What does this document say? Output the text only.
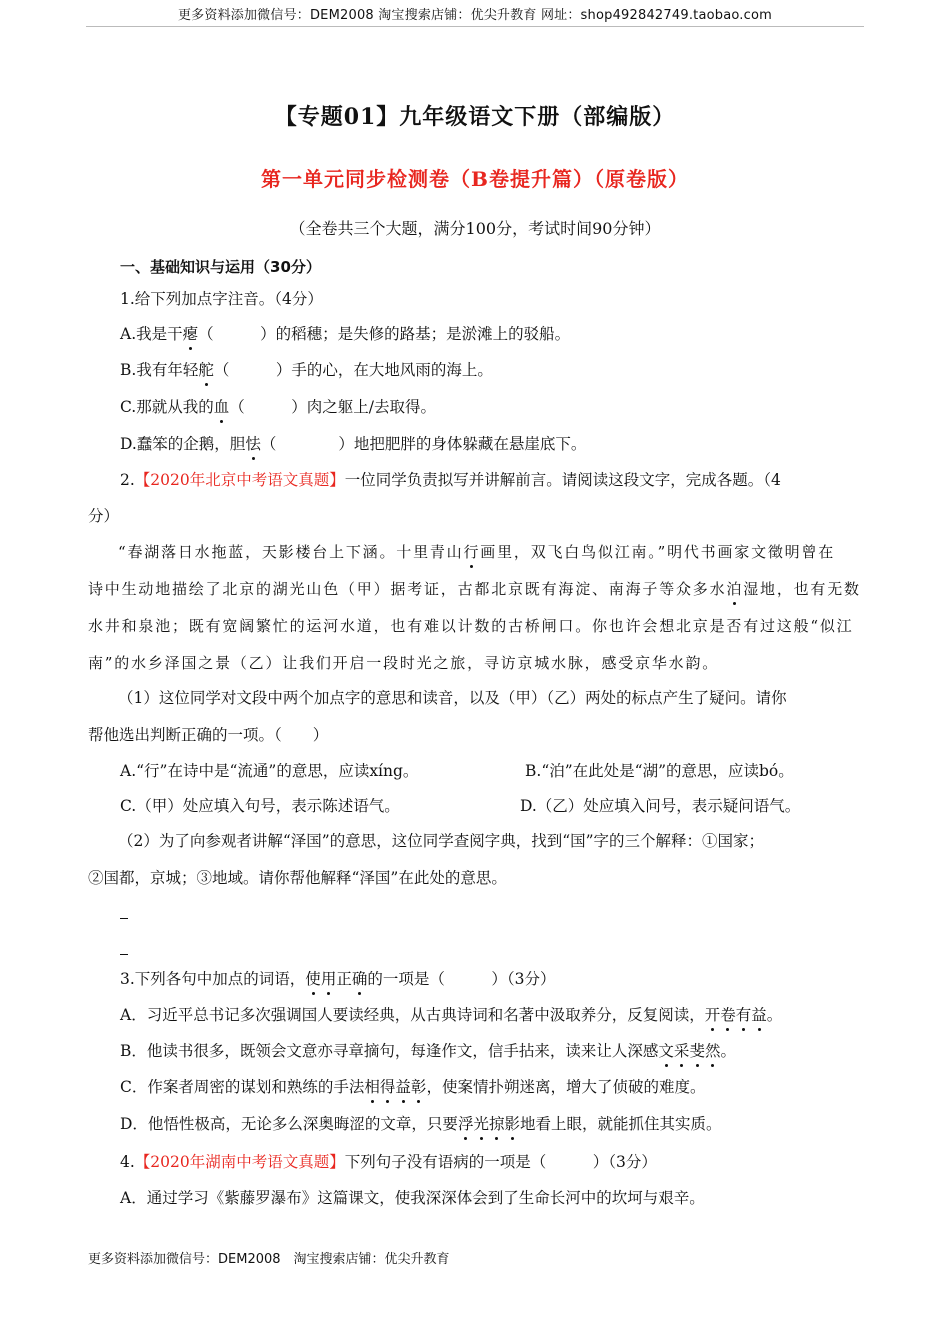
更多资料添加微信号：DEM2008 淘宝搜索店铺：优尖升教育 网址：shop492842749.taobao.com
【专题01】九年级语文下册（部编版）
第一单元同步检测卷（B卷提升篇）（原卷版）
（全卷共三个大题，满分100分，考试时间90分钟）
一、基础知识与运用（30分）
1.给下列加点字注音。（4分）
A.我是干瘪（　　　）的稻穗；是失修的路基；是淤滩上的驳船。
B.我有年轻舵（　　　）手的心，在大地风雨的海上。
C.那就从我的血（　　　）肉之躯上/去取得。
D.蠢笨的企鹅，胆怯（　　　　）地把肥胖的身体躲藏在悬崖底下。
2.【2020年北京中考语文真题】一位同学负责拟写并讲解前言。请阅读这段文字，完成各题。（4
分）
“春湖落日水拖蓝，天影楼台上下涵。十里青山行画里，双飞白鸟似江南。”明代书画家文徵明曾在
诗中生动地描绘了北京的湖光山色（甲）据考证，古都北京既有海淀、南海子等众多水泊湿地，也有无数
水井和泉池；既有宽阔繁忙的运河水道，也有难以计数的古桥闸口。你也许会想北京是否有过这般“似江
南”的水乡泽国之景（乙）让我们开启一段时光之旅，寻访京城水脉，感受京华水韵。
（1）这位同学对文段中两个加点字的意思和读音，以及（甲）（乙）两处的标点产生了疑问。请你
帮他选出判断正确的一项。（　　）
A.“行”在诗中是“流通”的意思，应读xíng。	B.“泊”在此处是“湖”的意思，应读bó。
C.（甲）处应填入句号，表示陈述语气。	D.（乙）处应填入问号，表示疑问语气。
（2）为了向参观者讲解“泽国”的意思，这位同学查阅字典，找到“国”字的三个解释：①国家；
②国都，京城；③地域。请你帮他解释“泽国”在此处的意思。
3.下列各句中加点的词语，使用正确的一项是（　　　）（3分）
A．习近平总书记多次强调国人要读经典，从古典诗词和名著中汲取养分，反复阅读，开卷有益。
B．他读书很多，既领会文意亦寻章摘句，每逢作文，信手拈来，读来让人深感文采斐然。
C．作案者周密的谋划和熟练的手法相得益彰，使案情扑朔迷离，增大了侦破的难度。
D．他悟性极高，无论多么深奥晦涩的文章，只要浮光掠影地看上眼，就能抓住其实质。
4.【2020年湖南中考语文真题】下列句子没有语病的一项是（　　　）（3分）
A．通过学习《紫藤罗瀑布》这篇课文，使我深深体会到了生命长河中的坎坷与艰辛。
更多资料添加微信号：DEM2008　淘宝搜索店铺：优尖升教育
